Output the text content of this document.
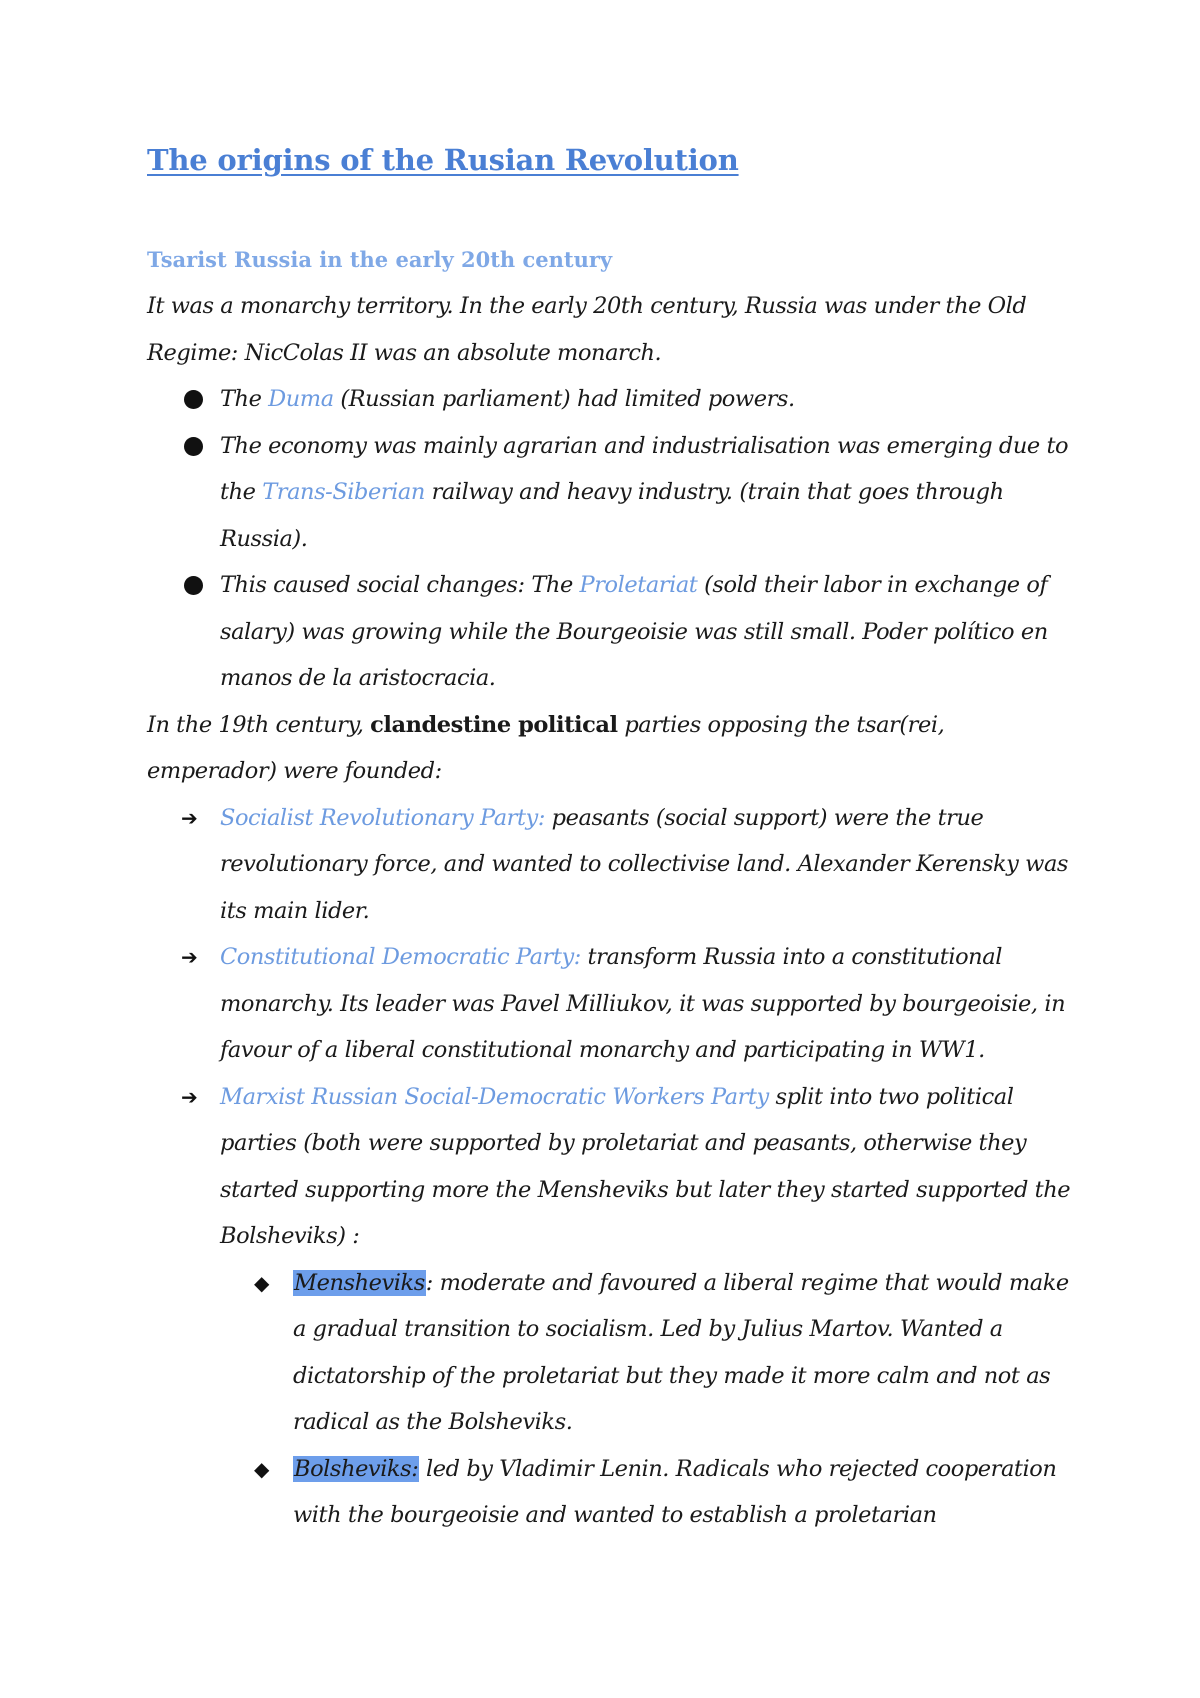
The origins of the Rusian Revolution
Tsarist Russia in the early 20th century

It was a monarchy territory. In the early 20th century, Russia was under the Old Regime: NicColas II was an absolute monarch.

The Duma (Russian parliament) had limited powers.
The economy was mainly agrarian and industrialisation was emerging due to the Trans-Siberian railway and heavy industry. (train that goes through Russia).
This caused social changes: The Proletariat (sold their labor in exchange of salary) was growing while the Bourgeoisie was still small. Poder político en manos de la aristocracia.

In the 19th century, clandestine political parties opposing the tsar(rei, emperador) were founded:

➔ Socialist Revolutionary Party: peasants (social support) were the true revolutionary force, and wanted to collectivise land. Alexander Kerensky was its main lider.
➔ Constitutional Democratic Party: transform Russia into a constitutional monarchy. Its leader was Pavel Milliukov, it was supported by bourgeoisie, in favour of a liberal constitutional monarchy and participating in WW1.
➔ Marxist Russian Social-Democratic Workers Party split into two political parties (both were supported by proletariat and peasants, otherwise they started supporting more the Mensheviks but later they started supported the Bolsheviks) :
◆ Mensheviks: moderate and favoured a liberal regime that would make a gradual transition to socialism. Led by Julius Martov. Wanted a dictatorship of the proletariat but they made it more calm and not as radical as the Bolsheviks.
◆ Bolsheviks: led by Vladimir Lenin. Radicals who rejected cooperation with the bourgeoisie and wanted to establish a proletarian
